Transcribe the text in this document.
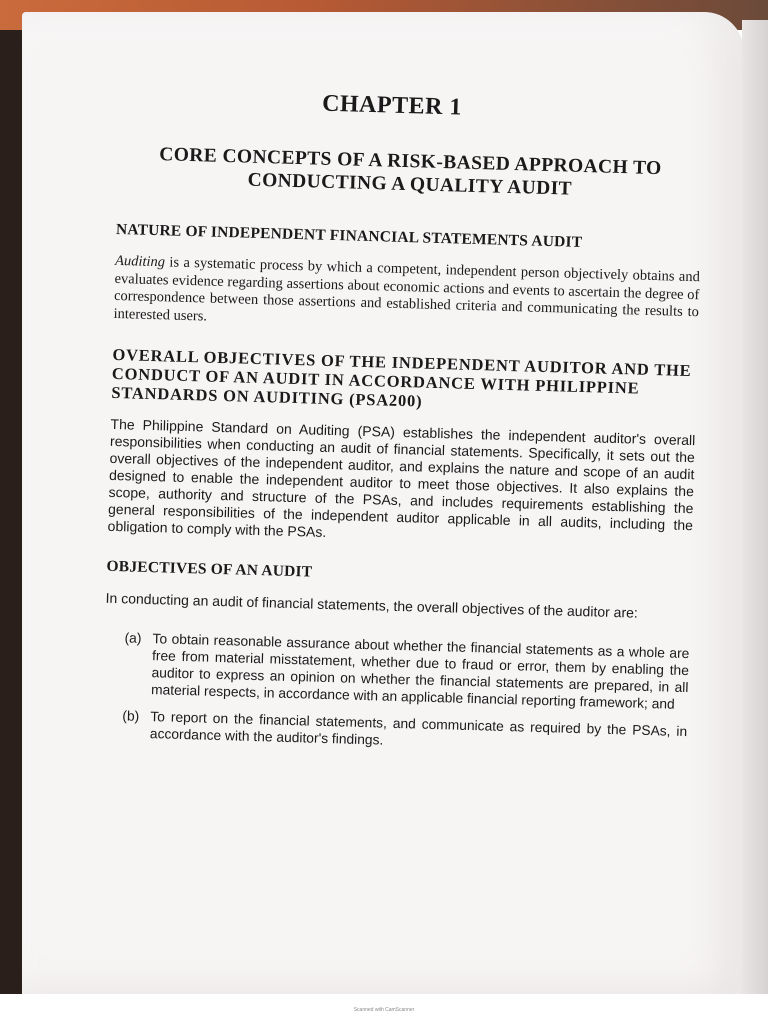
CHAPTER 1
CORE CONCEPTS OF A RISK-BASED APPROACH TO CONDUCTING A QUALITY AUDIT
NATURE OF INDEPENDENT FINANCIAL STATEMENTS AUDIT

Auditing is a systematic process by which a competent, independent person objectively obtains and evaluates evidence regarding assertions about economic actions and events to ascertain the degree of correspondence between those assertions and established criteria and communicating the results to interested users.

OVERALL OBJECTIVES OF THE INDEPENDENT AUDITOR AND THE CONDUCT OF AN AUDIT IN ACCORDANCE WITH PHILIPPINE STANDARDS ON AUDITING (PSA200)

The Philippine Standard on Auditing (PSA) establishes the independent auditor's overall responsibilities when conducting an audit of financial statements. Specifically, it sets out the overall objectives of the independent auditor, and explains the nature and scope of an audit designed to enable the independent auditor to meet those objectives. It also explains the scope, authority and structure of the PSAs, and includes requirements establishing the general responsibilities of the independent auditor applicable in all audits, including the obligation to comply with the PSAs.

OBJECTIVES OF AN AUDIT

In conducting an audit of financial statements, the overall objectives of the auditor are:

(a) To obtain reasonable assurance about whether the financial statements as a whole are free from material misstatement, whether due to fraud or error, them by enabling the auditor to express an opinion on whether the financial statements are prepared, in all material respects, in accordance with an applicable financial reporting framework; and
(b) To report on the financial statements, and communicate as required by the PSAs, in accordance with the auditor's findings.
Scanned with CamScanner
